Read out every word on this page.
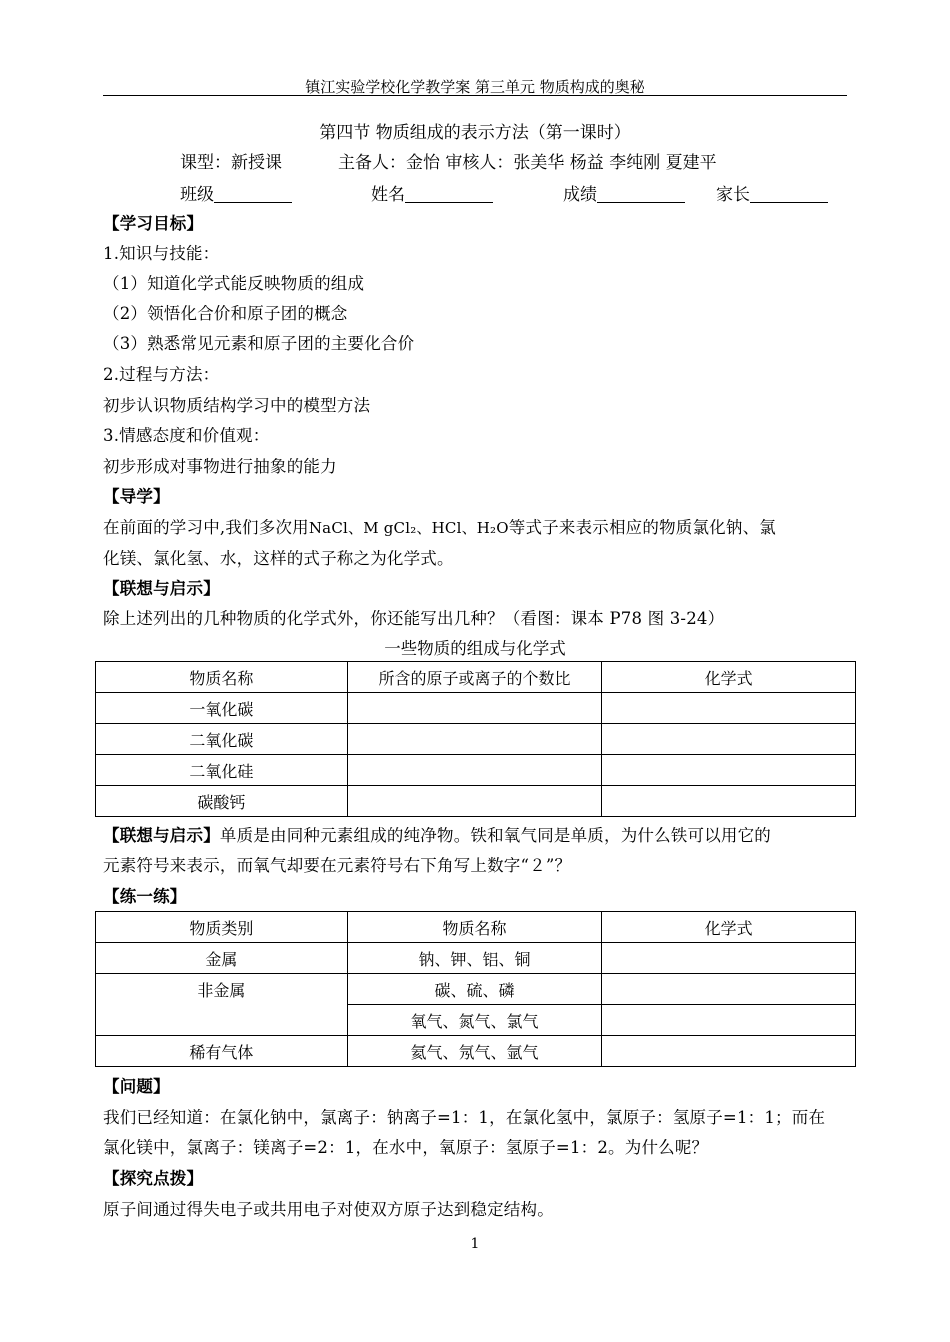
镇江实验学校化学教学案 第三单元 物质构成的奥秘
第四节 物质组成的表示方法（第一课时）
课型：新授课	主备人：金怡 审核人：张美华 杨益 李纯刚 夏建平
班级	姓名	成绩	家长
【学习目标】
1.知识与技能：
（1）知道化学式能反映物质的组成
（2）领悟化合价和原子团的概念
（3）熟悉常见元素和原子团的主要化合价
2.过程与方法：
初步认识物质结构学习中的模型方法
3.情感态度和价值观：
初步形成对事物进行抽象的能力
【导学】
在前面的学习中,我们多次用NaCl、M gCl₂、HCl、H₂O等式子来表示相应的物质氯化钠、氯
化镁、氯化氢、水，这样的式子称之为化学式。
【联想与启示】
除上述列出的几种物质的化学式外，你还能写出几种？（看图：课本 P78 图 3-24）
一些物质的组成与化学式
物质名称	所含的原子或离子的个数比	化学式
一氧化碳		
二氧化碳		
二氧化硅		
碳酸钙		
【联想与启示】单质是由同种元素组成的纯净物。铁和氧气同是单质，为什么铁可以用它的
元素符号来表示，而氧气却要在元素符号右下角写上数字“２”？
【练一练】
物质类别	物质名称	化学式
金属	钠、钾、铝、铜	
非金属	碳、硫、磷	
	氧气、氮气、氯气	
稀有气体	氦气、氖气、氩气	
【问题】
我们已经知道：在氯化钠中，氯离子：钠离子=1：1，在氯化氢中，氯原子：氢原子=1：1；而在
氯化镁中，氯离子：镁离子=2：1，在水中，氧原子：氢原子=1：2。为什么呢？
【探究点拨】
原子间通过得失电子或共用电子对使双方原子达到稳定结构。
1
